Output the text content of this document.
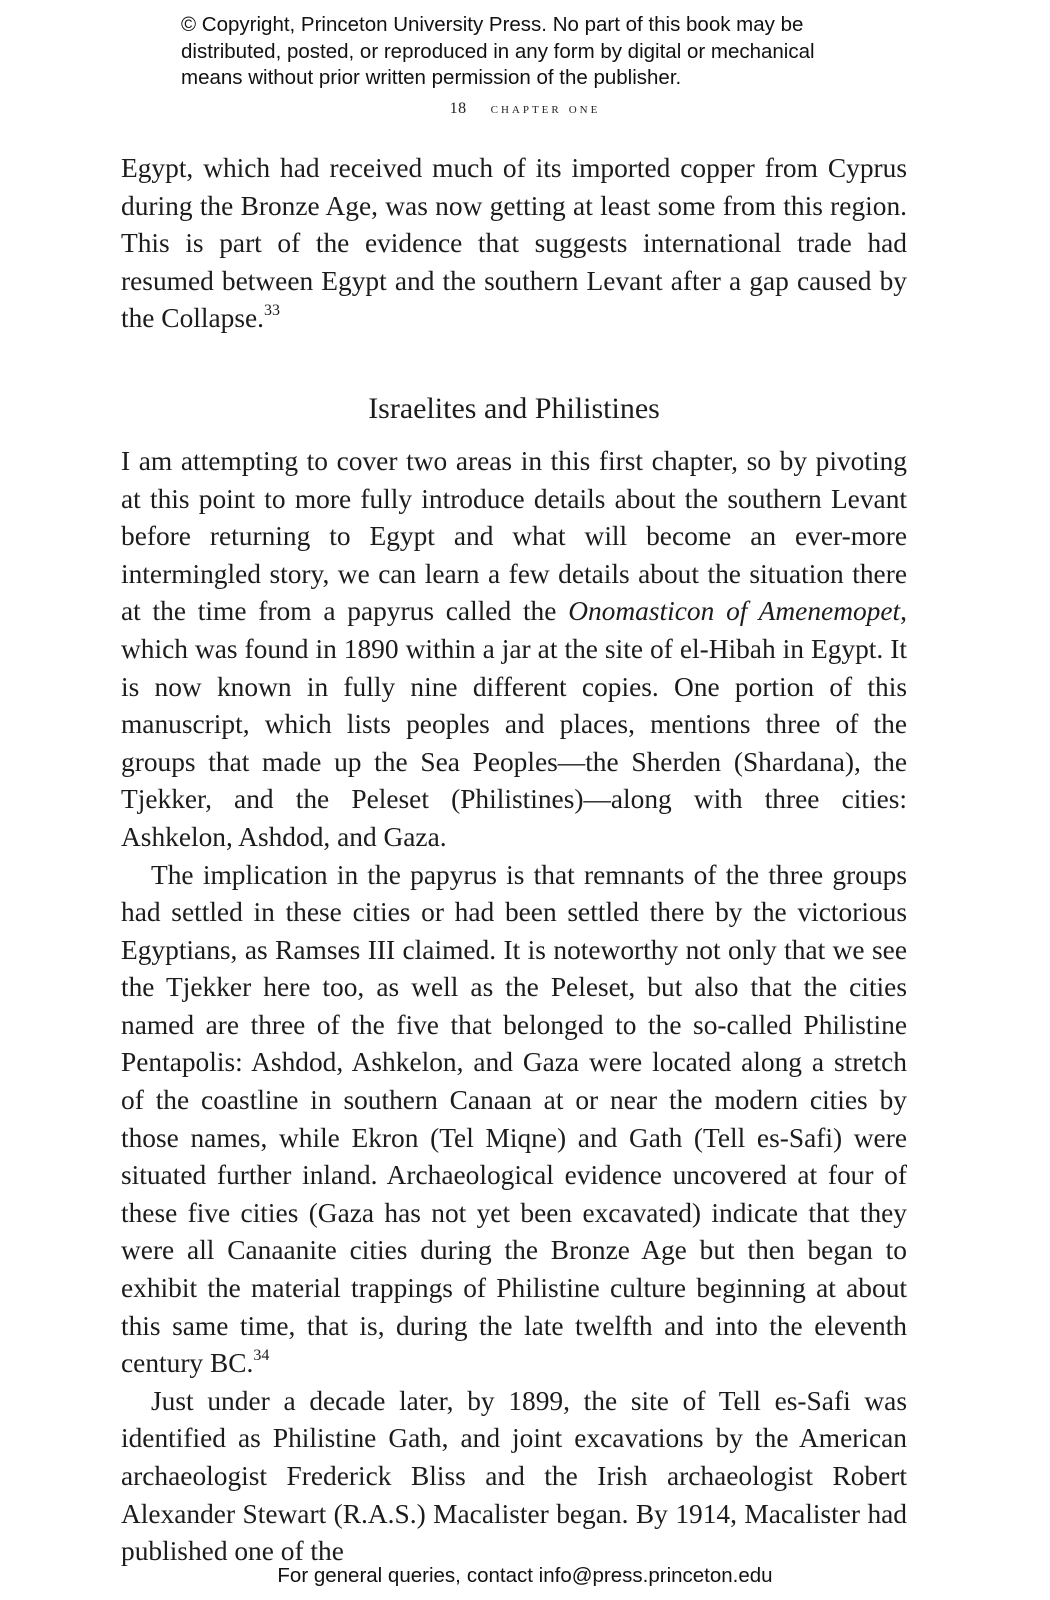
© Copyright, Princeton University Press. No part of this book may be
distributed, posted, or reproduced in any form by digital or mechanical
means without prior written permission of the publisher.
18 chapter one

Egypt, which had received much of its imported copper from Cyprus during the Bronze Age, was now getting at least some from this region. This is part of the evidence that suggests international trade had resumed between Egypt and the southern Levant after a gap caused by the Collapse.$^{33}$

Israelites and Philistines

I am attempting to cover two areas in this first chapter, so by pivoting at this point to more fully introduce details about the southern Levant before returning to Egypt and what will become an ever-more intermingled story, we can learn a few details about the situation there at the time from a papyrus called the Onomasticon of Amenemopet, which was found in 1890 within a jar at the site of el-Hibah in Egypt. It is now known in fully nine different copies. One portion of this manuscript, which lists peoples and places, mentions three of the groups that made up the Sea Peoples—the Sherden (Shardana), the Tjekker, and the Peleset (Philistines)—along with three cities: Ashkelon, Ashdod, and Gaza.

The implication in the papyrus is that remnants of the three groups had settled in these cities or had been settled there by the victorious Egyptians, as Ramses III claimed. It is noteworthy not only that we see the Tjekker here too, as well as the Peleset, but also that the cities named are three of the five that belonged to the so-called Philistine Pentapolis: Ashdod, Ashkelon, and Gaza were located along a stretch of the coastline in southern Canaan at or near the modern cities by those names, while Ekron (Tel Miqne) and Gath (Tell es-Safi) were situated further inland. Archaeological evidence uncovered at four of these five cities (Gaza has not yet been excavated) indicate that they were all Canaanite cities during the Bronze Age but then began to exhibit the material trappings of Philistine culture beginning at about this same time, that is, during the late twelfth and into the eleventh century BC.$^{34}$

Just under a decade later, by 1899, the site of Tell es-Safi was identified as Philistine Gath, and joint excavations by the American archaeologist Frederick Bliss and the Irish archaeologist Robert Alexander Stewart (R.A.S.) Macalister began. By 1914, Macalister had published one of the

For general queries, contact info@press.princeton.edu
